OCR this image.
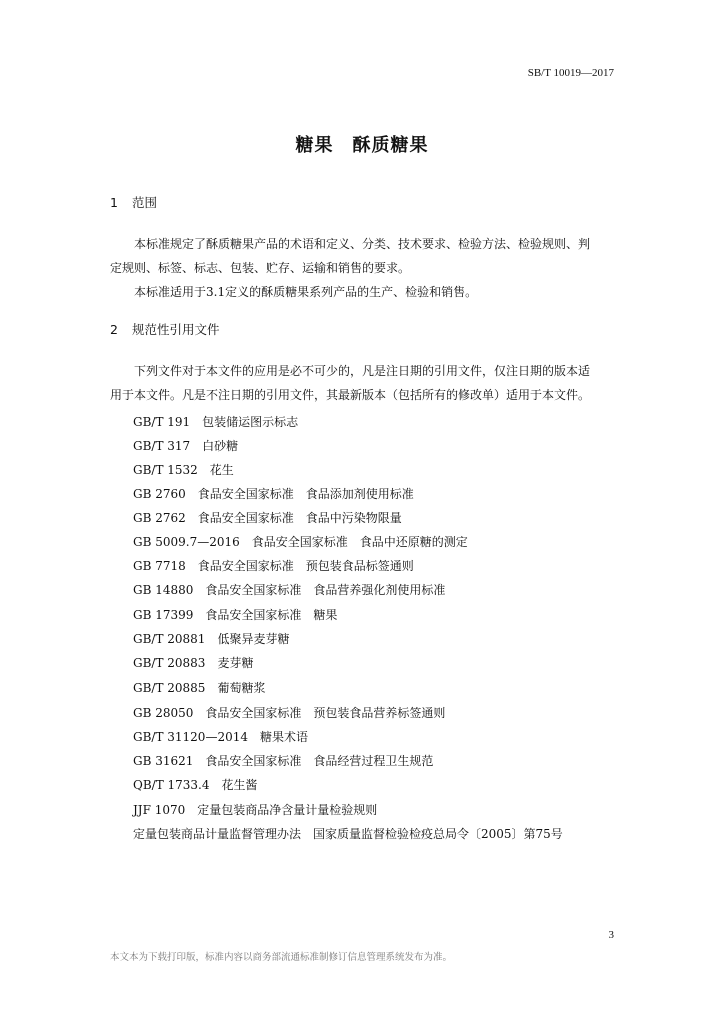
SB/T 10019—2017
糖果　酥质糖果
1 范围
本标准规定了酥质糖果产品的术语和定义、分类、技术要求、检验方法、检验规则、判
定规则、标签、标志、包装、贮存、运输和销售的要求。
本标准适用于3.1定义的酥质糖果系列产品的生产、检验和销售。
2 规范性引用文件
下列文件对于本文件的应用是必不可少的，凡是注日期的引用文件，仅注日期的版本适
用于本文件。凡是不注日期的引用文件，其最新版本（包括所有的修改单）适用于本文件。
GB/T 191　包装储运图示标志
GB/T 317　白砂糖
GB/T 1532　花生
GB 2760　食品安全国家标准　食品添加剂使用标准
GB 2762　食品安全国家标准　食品中污染物限量
GB 5009.7—2016　食品安全国家标准　食品中还原糖的测定
GB 7718　食品安全国家标准　预包装食品标签通则
GB 14880　食品安全国家标准　食品营养强化剂使用标准
GB 17399　食品安全国家标准　糖果
GB/T 20881　低聚异麦芽糖
GB/T 20883　麦芽糖
GB/T 20885　葡萄糖浆
GB 28050　食品安全国家标准　预包装食品营养标签通则
GB/T 31120—2014　糖果术语
GB 31621　食品安全国家标准　食品经营过程卫生规范
QB/T 1733.4　花生酱
JJF 1070　定量包装商品净含量计量检验规则
定量包装商品计量监督管理办法　国家质量监督检验检疫总局令〔2005〕第75号
3
本文本为下载打印版，标准内容以商务部流通标准制修订信息管理系统发布为准。
